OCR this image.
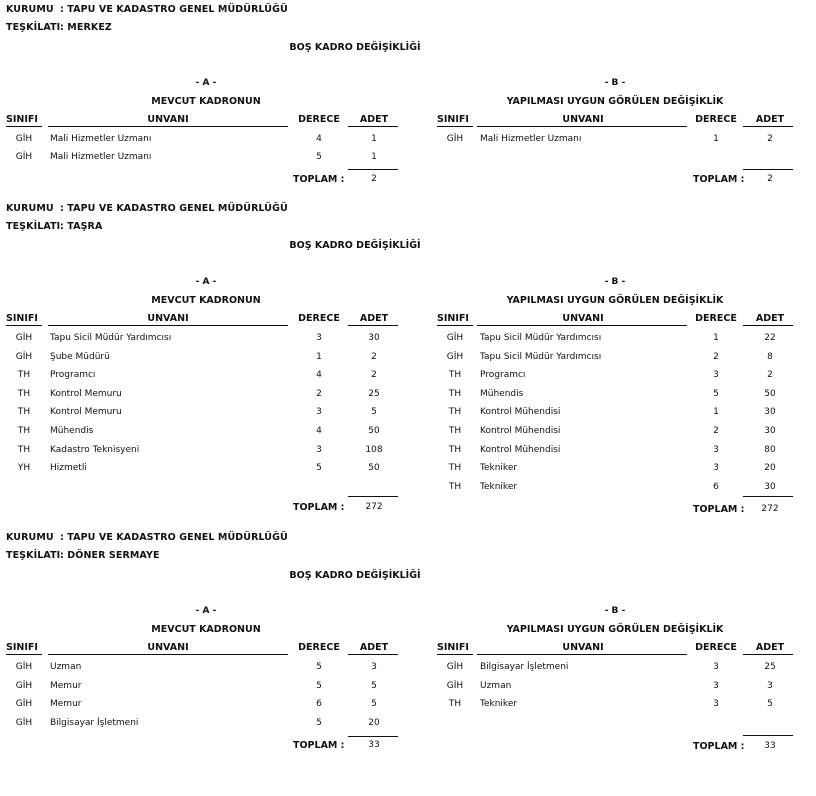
KURUMU : TAPU VE KADASTRO GENEL MÜDÜRLÜĞÜ
TEŞKİLATI: MERKEZ
BOŞ KADRO DEĞİŞİKLİĞİ
- A -
MEVCUT KADRONUN
SINIFI	UNVANI	DERECE	ADET
GİH	Mali Hizmetler Uzmanı	4	1
GİH	Mali Hizmetler Uzmanı	5	1
TOPLAM :	2
- B -
YAPILMASI UYGUN GÖRÜLEN DEĞİŞİKLİK
SINIFI	UNVANI	DERECE	ADET
GİH	Mali Hizmetler Uzmanı	1	2
TOPLAM :	2
KURUMU : TAPU VE KADASTRO GENEL MÜDÜRLÜĞÜ
TEŞKİLATI: TAŞRA
BOŞ KADRO DEĞİŞİKLİĞİ
- A -
MEVCUT KADRONUN
SINIFI	UNVANI	DERECE	ADET
GİH	Tapu Sicil Müdür Yardımcısı	3	30
GİH	Şube Müdürü	1	2
TH	Programcı	4	2
TH	Kontrol Memuru	2	25
TH	Kontrol Memuru	3	5
TH	Mühendis	4	50
TH	Kadastro Teknisyeni	3	108
YH	Hizmetli	5	50
TOPLAM :	272
- B -
YAPILMASI UYGUN GÖRÜLEN DEĞİŞİKLİK
SINIFI	UNVANI	DERECE	ADET
GİH	Tapu Sicil Müdür Yardımcısı	1	22
GİH	Tapu Sicil Müdür Yardımcısı	2	8
TH	Programcı	3	2
TH	Mühendis	5	50
TH	Kontrol Mühendisi	1	30
TH	Kontrol Mühendisi	2	30
TH	Kontrol Mühendisi	3	80
TH	Tekniker	3	20
TH	Tekniker	6	30
TOPLAM :	272
KURUMU : TAPU VE KADASTRO GENEL MÜDÜRLÜĞÜ
TEŞKİLATI: DÖNER SERMAYE
BOŞ KADRO DEĞİŞİKLİĞİ
- A -
MEVCUT KADRONUN
SINIFI	UNVANI	DERECE	ADET
GİH	Uzman	5	3
GİH	Memur	5	5
GİH	Memur	6	5
GİH	Bilgisayar İşletmeni	5	20
TOPLAM :	33
- B -
YAPILMASI UYGUN GÖRÜLEN DEĞİŞİKLİK
SINIFI	UNVANI	DERECE	ADET
GİH	Bilgisayar İşletmeni	3	25
GİH	Uzman	3	3
TH	Tekniker	3	5
TOPLAM :	33
